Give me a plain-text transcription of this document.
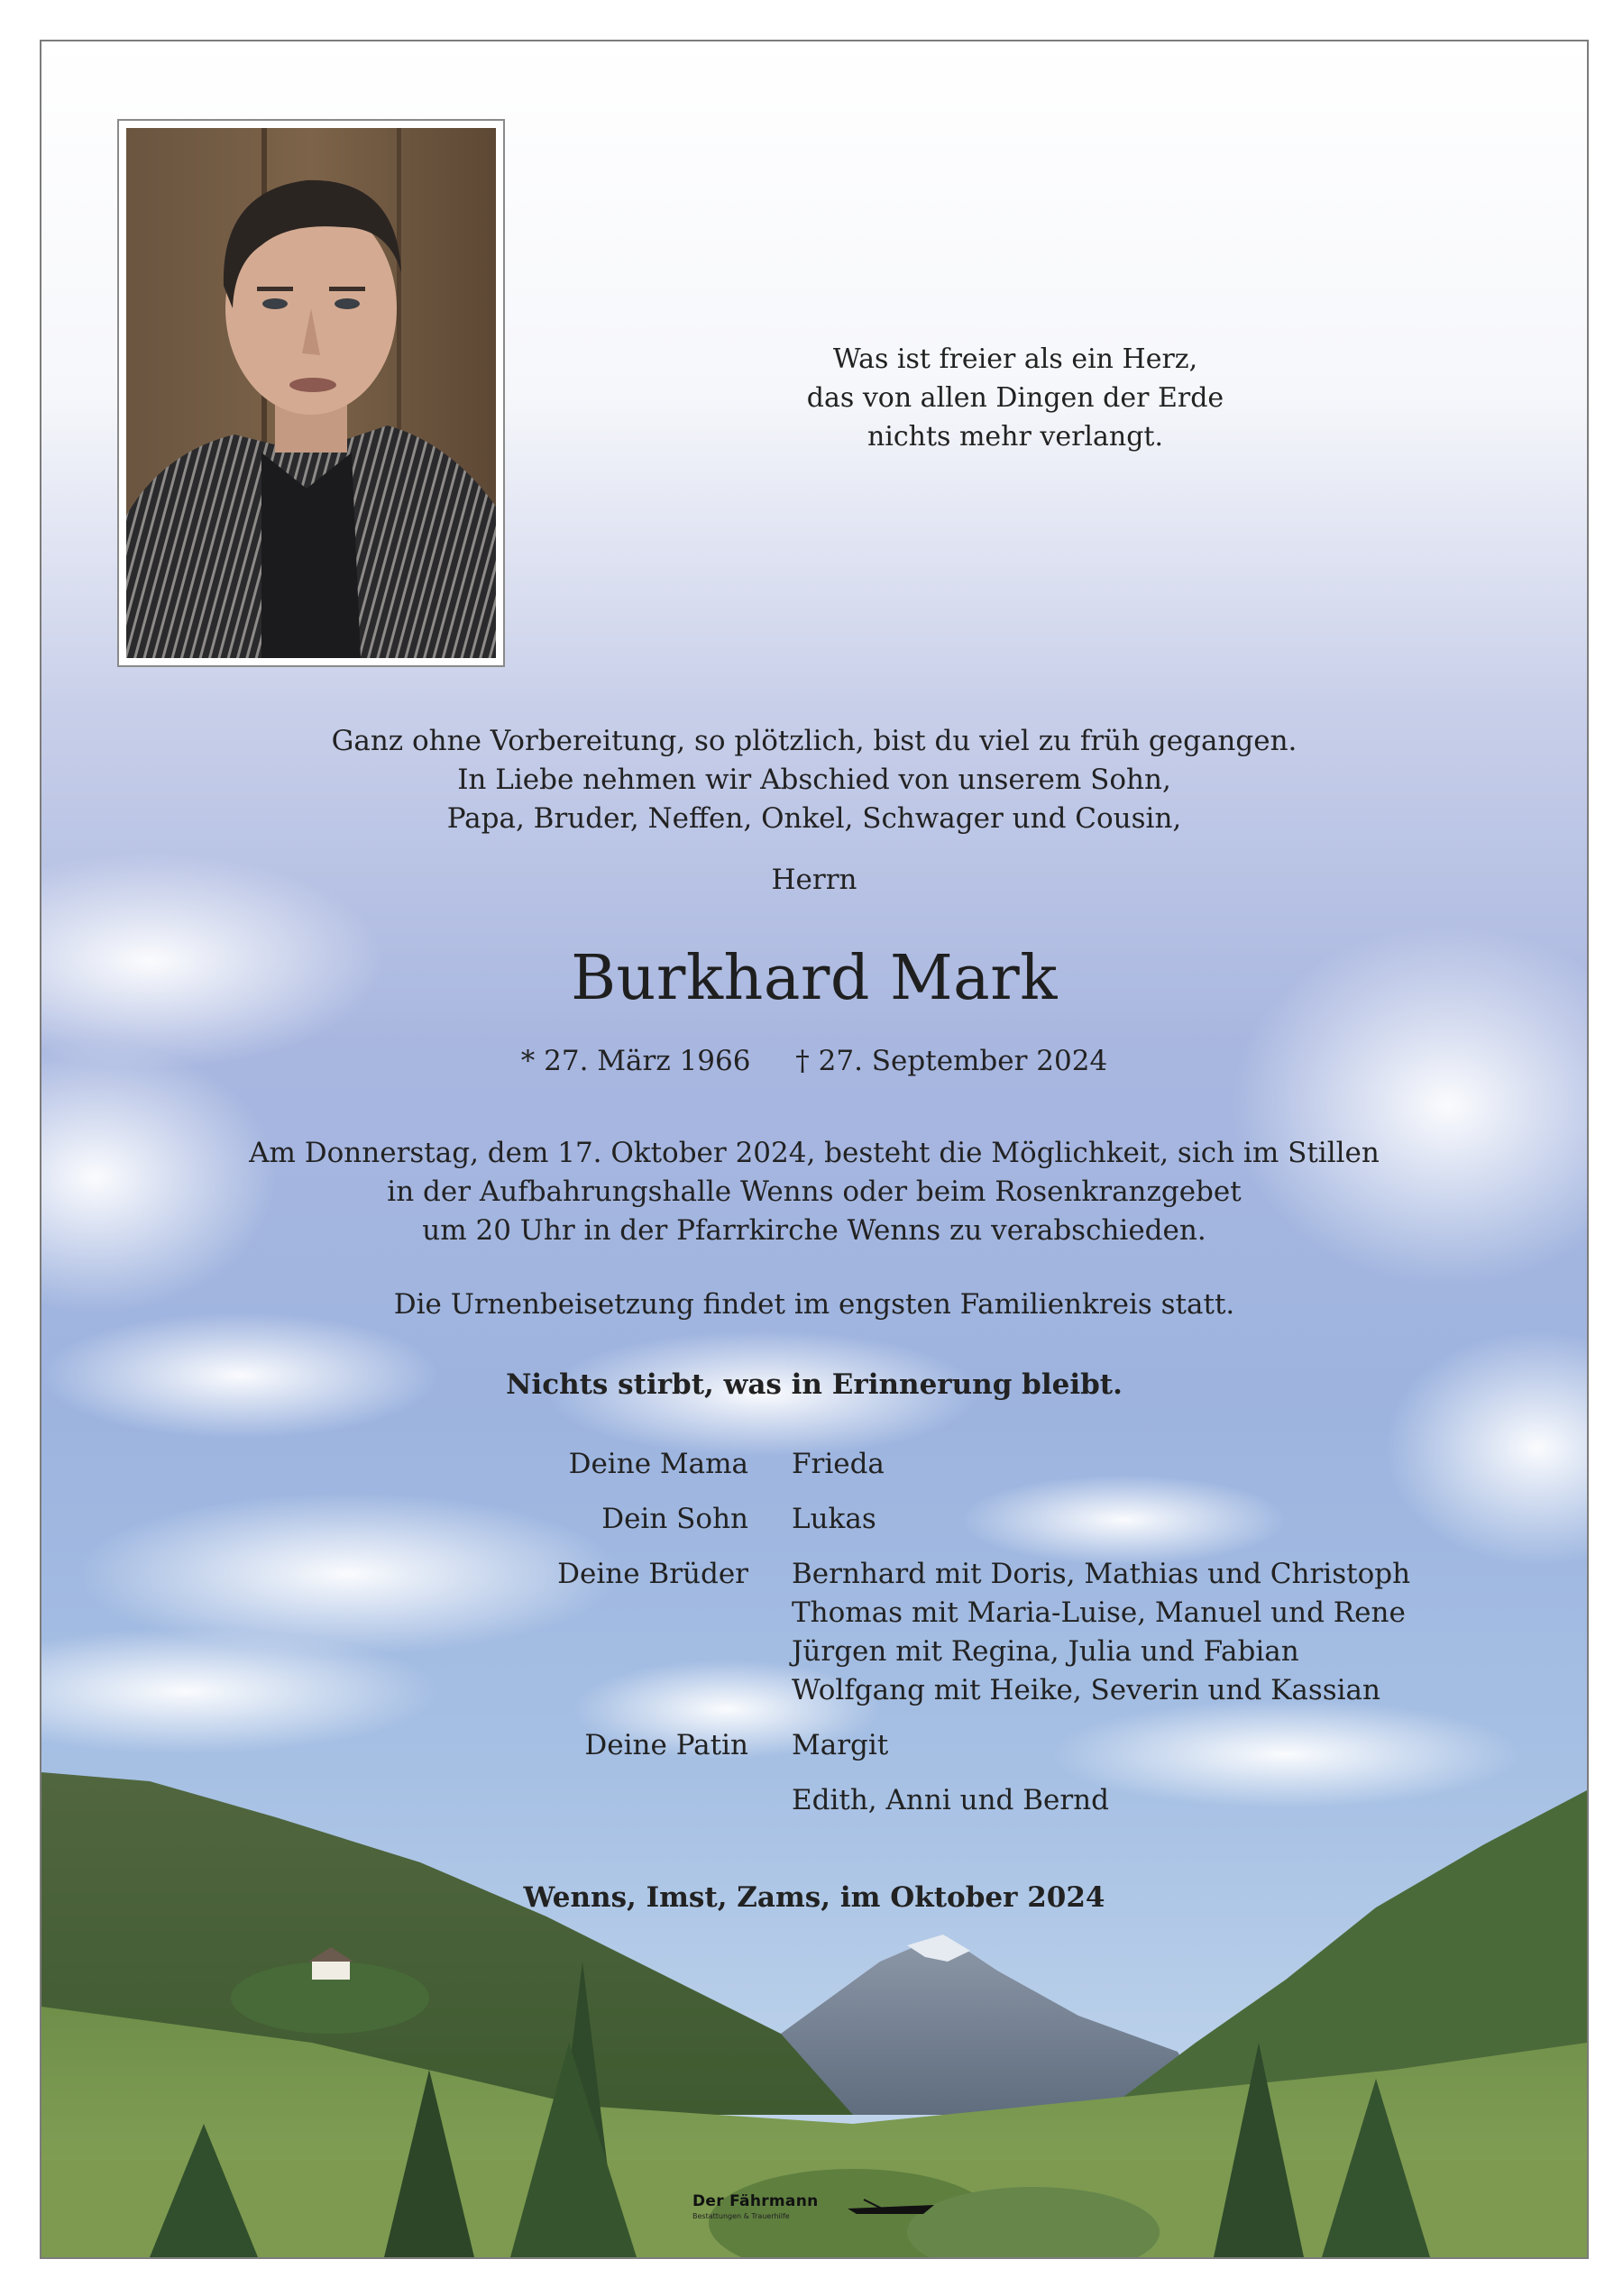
Was ist freier als ein Herz,
das von allen Dingen der Erde
nichts mehr verlangt.
Ganz ohne Vorbereitung, so plötzlich, bist du viel zu früh gegangen.
In Liebe nehmen wir Abschied von unserem Sohn,
Papa, Bruder, Neffen, Onkel, Schwager und Cousin,
Herrn
Burkhard Mark
* 27. März 1966 † 27. September 2024
Am Donnerstag, dem 17. Oktober 2024, besteht die Möglichkeit, sich im Stillen
in der Aufbahrungshalle Wenns oder beim Rosenkranzgebet
um 20 Uhr in der Pfarrkirche Wenns zu verabschieden.
Die Urnenbeisetzung findet im engsten Familienkreis statt.
Nichts stirbt, was in Erinnerung bleibt.
Deine Mama	Frieda
Dein Sohn	Lukas
Deine Brüder	Bernhard mit Doris, Mathias und Christoph
Thomas mit Maria-Luise, Manuel und Rene
Jürgen mit Regina, Julia und Fabian
Wolfgang mit Heike, Severin und Kassian
Deine Patin	Margit
Edith, Anni und Bernd
Wenns, Imst, Zams, im Oktober 2024
Der Fährmann
Bestattungen & Trauerhilfe
